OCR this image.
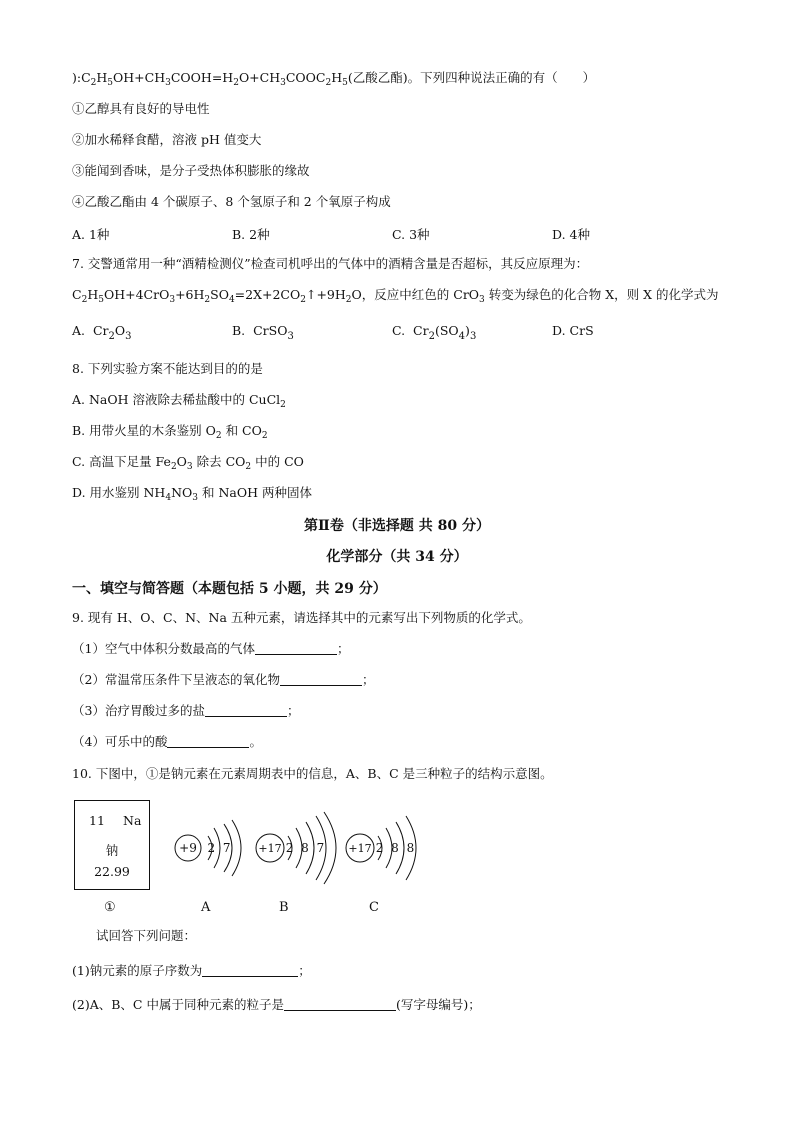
)$:C_2H_5OH+CH_3COOH=H_2O+CH_3COOC_2H_5$(乙酸乙酯)。下列四种说法正确的有（　　）
①乙醇具有良好的导电性
②加水稀释食醋，溶液 pH 值变大
③能闻到香味，是分子受热体积膨胀的缘故
④乙酸乙酯由 4 个碳原子、8 个氢原子和 2 个氧原子构成
A. 1种	B. 2种	C. 3种	D. 4种
7. 交警通常用一种“酒精检测仪”检查司机呼出的气体中的酒精含量是否超标，其反应原理为：
$C_2H_5OH+4CrO_3+6H_2SO_4=2X+2CO_2↑+9H_2O$，反应中红色的 CrO$_3$ 转变为绿色的化合物 X，则 X 的化学式为
A.  $Cr_2O_3$	B.  CrSO$_3$	C.  $Cr_2(SO_4)_3$	D. CrS
8. 下列实验方案不能达到目的的是
A. NaOH 溶液除去稀盐酸中的 CuCl$_2$
B. 用带火星的木条鉴别 $O_2$ 和 $CO_2$
C. 高温下足量 $Fe_2O_3$ 除去 $CO_2$ 中的 CO
D. 用水鉴别 $NH_4NO_3$ 和 NaOH 两种固体
第Ⅱ卷（非选择题 共 80 分）
化学部分（共 34 分）
一、填空与简答题（本题包括 5 小题，共 29 分）
9. 现有 H、O、C、N、Na 五种元素，请选择其中的元素写出下列物质的化学式。
（1）空气中体积分数最高的气体	；
（2）常温常压条件下呈液态的氧化物	；
（3）治疗胃酸过多的盐	；
（4）可乐中的酸	。
10. 下图中，①是钠元素在元素周期表中的信息，A、B、C 是三种粒子的结构示意图。
11 Na
钠
22.99
①
+9 2 7 +17 2 8 7 +17 2 8 8
A	B	C
试回答下列问题：
(1)钠元素的原子序数为	；
(2)A、B、C 中属于同种元素的粒子是	(写字母编号)；
